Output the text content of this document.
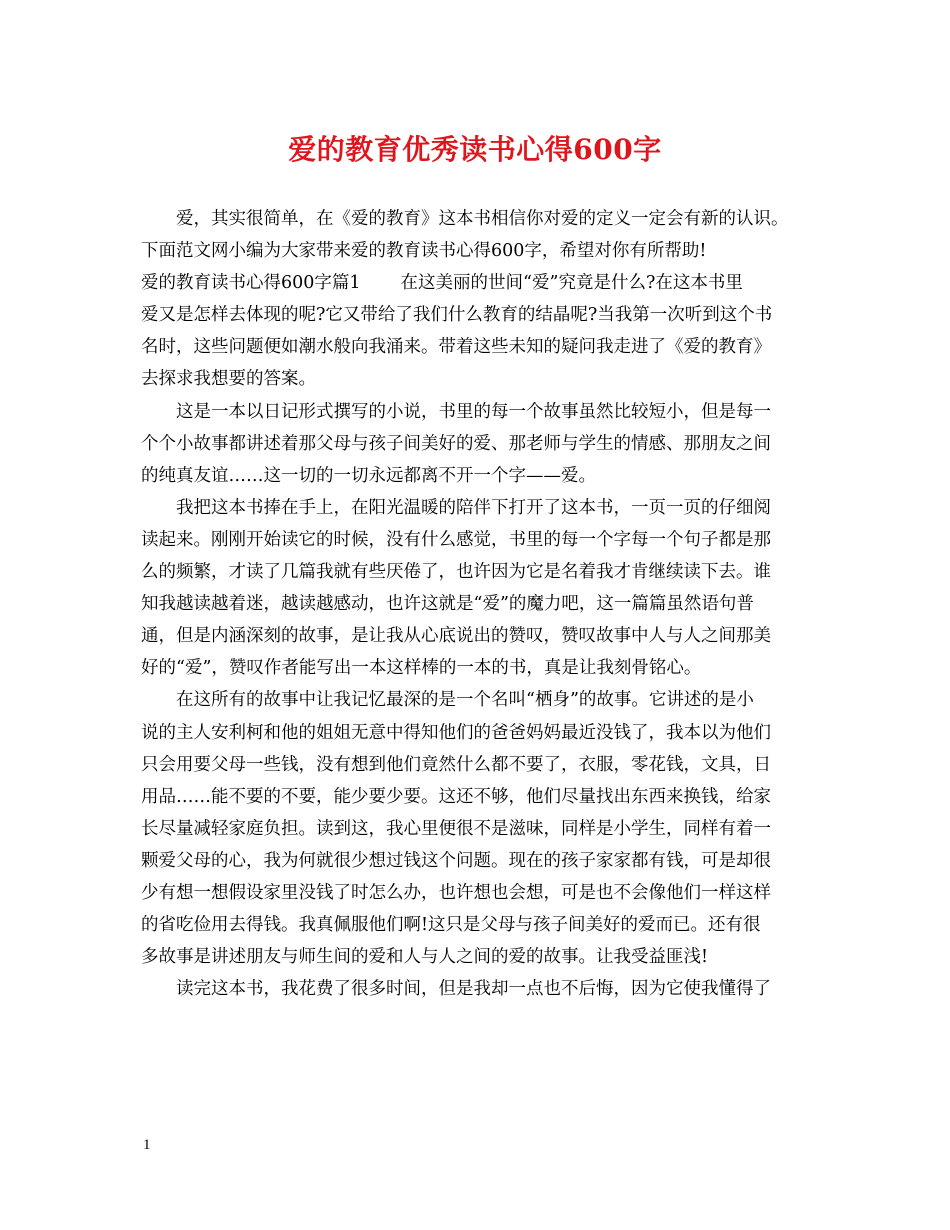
爱的教育优秀读书心得600字
爱，其实很简单，在《爱的教育》这本书相信你对爱的定义一定会有新的认识。
下面范文网小编为大家带来爱的教育读书心得600字，希望对你有所帮助!
爱的教育读书心得600字篇1 在这美丽的世间“爱”究竟是什么?在这本书里
爱又是怎样去体现的呢?它又带给了我们什么教育的结晶呢?当我第一次听到这个书
名时，这些问题便如潮水般向我涌来。带着这些未知的疑问我走进了《爱的教育》
去探求我想要的答案。
这是一本以日记形式撰写的小说，书里的每一个故事虽然比较短小，但是每一
个个小故事都讲述着那父母与孩子间美好的爱、那老师与学生的情感、那朋友之间
的纯真友谊……这一切的一切永远都离不开一个字——爱。
我把这本书捧在手上，在阳光温暖的陪伴下打开了这本书，一页一页的仔细阅
读起来。刚刚开始读它的时候，没有什么感觉，书里的每一个字每一个句子都是那
么的频繁，才读了几篇我就有些厌倦了，也许因为它是名着我才肯继续读下去。谁
知我越读越着迷，越读越感动，也许这就是“爱”的魔力吧，这一篇篇虽然语句普
通，但是内涵深刻的故事，是让我从心底说出的赞叹，赞叹故事中人与人之间那美
好的“爱”，赞叹作者能写出一本这样棒的一本的书，真是让我刻骨铭心。
在这所有的故事中让我记忆最深的是一个名叫“栖身”的故事。它讲述的是小
说的主人安利柯和他的姐姐无意中得知他们的爸爸妈妈最近没钱了，我本以为他们
只会用要父母一些钱，没有想到他们竟然什么都不要了，衣服，零花钱，文具，日
用品……能不要的不要，能少要少要。这还不够，他们尽量找出东西来换钱，给家
长尽量减轻家庭负担。读到这，我心里便很不是滋味，同样是小学生，同样有着一
颗爱父母的心，我为何就很少想过钱这个问题。现在的孩子家家都有钱，可是却很
少有想一想假设家里没钱了时怎么办，也许想也会想，可是也不会像他们一样这样
的省吃俭用去得钱。我真佩服他们啊!这只是父母与孩子间美好的爱而已。还有很
多故事是讲述朋友与师生间的爱和人与人之间的爱的故事。让我受益匪浅!
读完这本书，我花费了很多时间，但是我却一点也不后悔，因为它使我懂得了
1
